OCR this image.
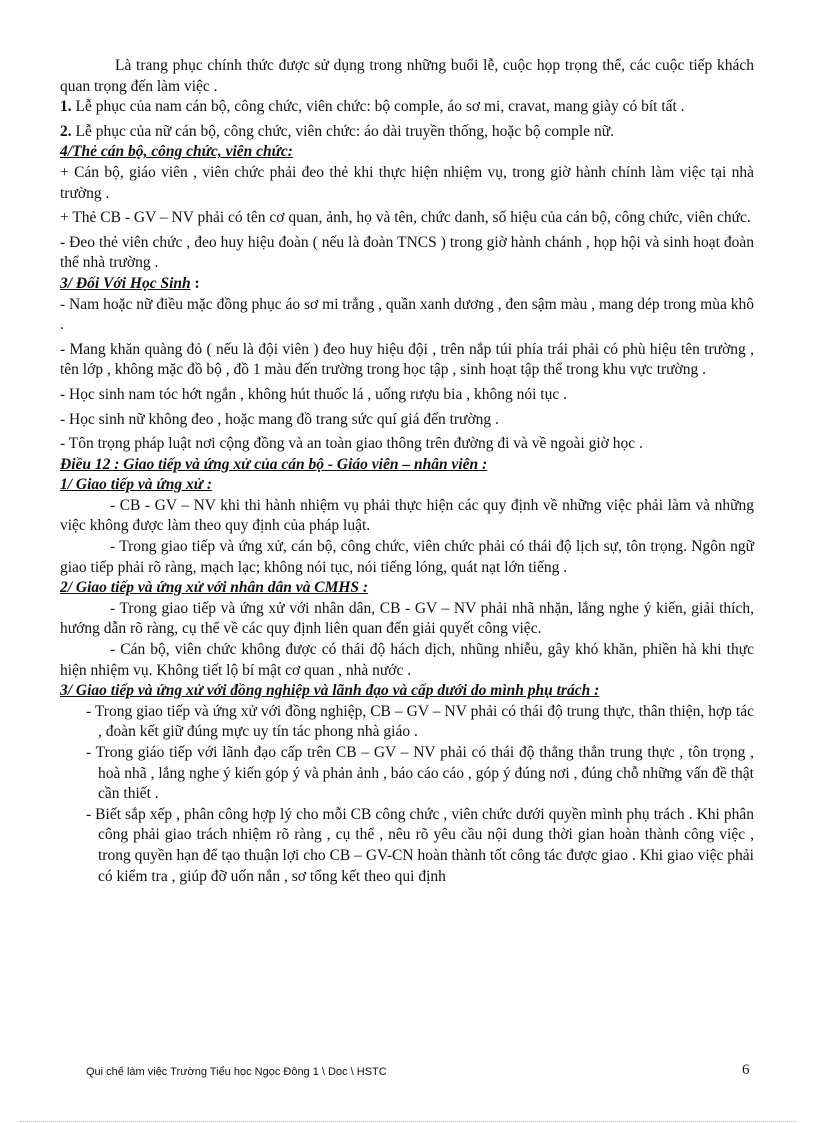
Là trang phục chính thức được sử dụng trong những buổi lễ, cuộc họp trọng thể, các cuộc tiếp khách quan trọng đến làm việc .

1. Lễ phục của nam cán bộ, công chức, viên chức: bộ comple, áo sơ mi, cravat, mang giày có bít tất .

2. Lễ phục của nữ cán bộ, công chức, viên chức: áo dài truyền thống, hoặc bộ comple nữ.

4/Thẻ cán bộ, công chức, viên chức:

+ Cán bộ, giáo viên , viên chức phải đeo thẻ khi thực hiện nhiệm vụ, trong giờ hành chính làm việc tại nhà trường .

+ Thẻ CB - GV – NV phải có tên cơ quan, ảnh, họ và tên, chức danh, số hiệu của cán bộ, công chức, viên chức.

- Đeo thẻ viên chức , đeo huy hiệu đoàn ( nếu là đoàn TNCS ) trong giờ hành chánh , họp hội và sinh hoạt đoàn thể nhà trường .

3/ Đối Với Học Sinh :

- Nam hoặc nữ điều mặc đồng phục áo sơ mi trắng , quần xanh dương , đen sậm màu , mang dép trong mùa khô .

- Mang khăn quàng đỏ ( nếu là đội viên ) đeo huy hiệu đội , trên nắp túi phía trái phải có phù hiệu tên trường , tên lớp , không mặc đồ bộ , đồ 1 màu đến trường trong học tập , sinh hoạt tập thể trong khu vực trường .

- Học sinh nam tóc hớt ngắn , không hút thuốc lá , uống rượu bia , không nói tục .

- Học sinh nữ không đeo , hoặc mang đồ trang sức quí giá đến trường .

- Tôn trọng pháp luật nơi cộng đồng và an toàn giao thông trên đường đi và về ngoài giờ học .

Điều 12 : Giao tiếp và ứng xử của cán bộ - Giáo viên – nhân viên :

1/ Giao tiếp và ứng xử :

- CB - GV – NV khi thi hành nhiệm vụ phải thực hiện các quy định về những việc phải làm và những việc không được làm theo quy định của pháp luật.

- Trong giao tiếp và ứng xử, cán bộ, công chức, viên chức phải có thái độ lịch sự, tôn trọng. Ngôn ngữ giao tiếp phải rõ ràng, mạch lạc; không nói tục, nói tiếng lóng, quát nạt lớn tiếng .

2/ Giao tiếp và ứng xử với nhân dân và CMHS :

- Trong giao tiếp và ứng xử với nhân dân, CB - GV – NV phải nhã nhặn, lắng nghe ý kiến, giải thích, hướng dẫn rõ ràng, cụ thể về các quy định liên quan đến giải quyết công việc.

- Cán bộ, viên chức không được có thái độ hách dịch, nhũng nhiễu, gây khó khăn, phiền hà khi thực hiện nhiệm vụ. Không tiết lộ bí mật cơ quan , nhà nước .

3/ Giao tiếp và ứng xử với đồng nghiệp và lãnh đạo và cấp dưới do mình phụ trách :

- Trong giao tiếp và ứng xử với đồng nghiệp, CB – GV – NV phải có thái độ trung thực, thân thiện, hợp tác , đoàn kết giữ đúng mực uy tín tác phong nhà giáo .

- Trong giáo tiếp với lãnh đạo cấp trên CB – GV – NV phải có thái độ thẳng thắn trung thực , tôn trọng , hoà nhã , lắng nghe ý kiến góp ý và phản ảnh , báo cáo cáo , góp ý đúng nơi , đúng chỗ những vấn đề thật cần thiết .

- Biết sắp xếp , phân công hợp lý cho mỗi CB công chức , viên chức dưới quyền mình phụ trách . Khi phân công phải giao trách nhiệm rõ ràng , cụ thể , nêu rõ yêu cầu nội dung thời gian hoàn thành công việc , trong quyền hạn để tạo thuận lợi cho CB – GV-CN hoàn thành tốt công tác được giao . Khi giao việc phải có kiểm tra , giúp đỡ uốn nắn , sơ tổng kết theo qui định

Qui chế làm việc Trường Tiểu học Ngọc Đông 1 \ Doc \ HSTC	6
